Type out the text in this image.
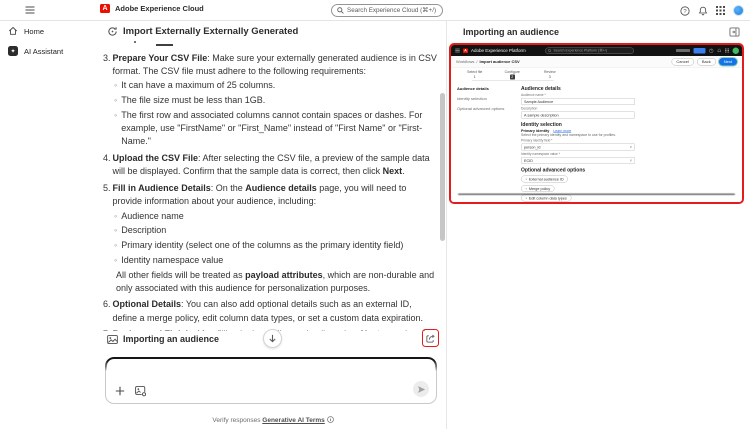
A Adobe Experience Cloud	Search Experience Cloud (⌘+/)	?
Home
✦	AI Assistant
Import Externally Externally Generated
3. Prepare Your CSV File: Make sure your externally generated audience is in CSV format. The CSV file must adhere to the following requirements:
◦ It can have a maximum of 25 columns.
◦ The file size must be less than 1GB.
◦ The first row and associated columns cannot contain spaces or dashes. For example, use "FirstName" or "First_Name" instead of "First Name" or "First-Name."
4. Upload the CSV File: After selecting the CSV file, a preview of the sample data will be displayed. Confirm that the sample data is correct, then click Next.
5. Fill in Audience Details: On the Audience details page, you will need to provide information about your audience, including:
◦ Audience name
◦ Description
◦ Primary identity (select one of the columns as the primary identity field)
◦ Identity namespace value
All other fields will be treated as payload attributes, which are non-durable and only associated with this audience for personalization purposes.
6. Optional Details: You can also add optional details such as an external ID, define a merge policy, edit column data types, or set a custom data expiration.
Importing an audience
Verify responses Generative AI Terms
Importing an audience
A Adobe Experience Platform	Search Experience Platform (⌘+/)	?
Workflows / Import audience CSV	Cancel	Back	Next
Select file
1
Configure
2
Review
3
Audience details
Identity selection
Optional advanced options
Audience details
Audience name *
Sample Audience
Description
A sample description
Identity selection
Primary identity Learn more
Select the primary identity and namespace to use for profiles.
Primary identity field *
person_id	∨
Identity namespace value *
ECID	∨
Optional advanced options
› External audience ID
› Merge policy
› Edit column data types
